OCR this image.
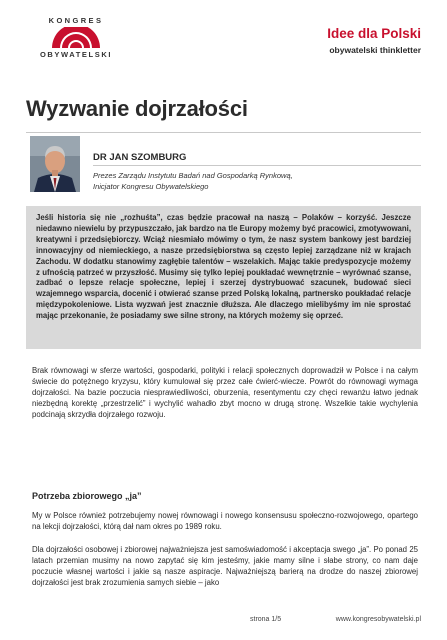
KONGRES
OBYWATELSKI
Idee dla Polski
obywatelski thinkletter
Wyzwanie dojrzałości
DR JAN SZOMBURG
Prezes Zarządu Instytutu Badań nad Gospodarką Rynkową,
Inicjator Kongresu Obywatelskiego

Jeśli historia się nie „rozhuśta”, czas będzie pracował na naszą – Polaków – korzyść. Jeszcze niedawno niewielu by przypuszczało, jak bardzo na tle Europy możemy być pracowici, zmotywowani, kreatywni i przedsiębiorczy. Wciąż niesmiało mówimy o tym, że nasz system bankowy jest bardziej innowacyjny od niemieckiego, a nasze przedsiębiorstwa są często lepiej zarządzane niż w krajach Zachodu. W dodatku stanowimy zagłębie talentów – wszelakich. Mając takie predyspozycje możemy z ufnością patrzeć w przyszłość. Musimy się tylko lepiej poukładać wewnętrznie – wyrównać szanse, zadbać o lepsze relacje społeczne, lepiej i szerzej dystrybuować szacunek, budować sieci wzajemnego wsparcia, docenić i otwierać szanse przed Polską lokalną, partnersko poukładać relacje międzypokoleniowe. Lista wyzwań jest znacznie dłuższa. Ale dlaczego mielibyśmy im nie sprostać mając przekonanie, że posiadamy swe silne strony, na których możemy się oprzeć.

Brak równowagi w sferze wartości, gospodarki, polityki i relacji społecznych doprowadził w Polsce i na całym świecie do potężnego kryzysu, który kumulował się przez całe ćwierć-wiecze. Powrót do równowagi wymaga dojrzałości. Na bazie poczucia niesprawiedliwości, oburzenia, resentymentu czy chęci rewanżu łatwo jednak niezbędną korektę „przestrzelić” i wychylić wahadło zbyt mocno w drugą stronę. Wszelkie takie wychylenia podcinają skrzydła dojrzałego rozwoju.

Potrzeba zbiorowego „ja”

My w Polsce również potrzebujemy nowej równowagi i nowego konsensusu społeczno-rozwojowego, opartego na lekcji dojrzałości, którą dał nam okres po 1989 roku.

Dla dojrzałości osobowej i zbiorowej najważniejsza jest samoświadomość i akceptacja swego „ja”. Po ponad 25 latach przemian musimy na nowo zapytać się kim jesteśmy, jakie mamy silne i słabe strony, co nam daje poczucie własnej wartości i jakie są nasze aspiracje. Najważniejszą barierą na drodze do naszej zbiorowej dojrzałości jest brak zrozumienia samych siebie – jako

strona 1/5	www.kongresobywatelski.pl
